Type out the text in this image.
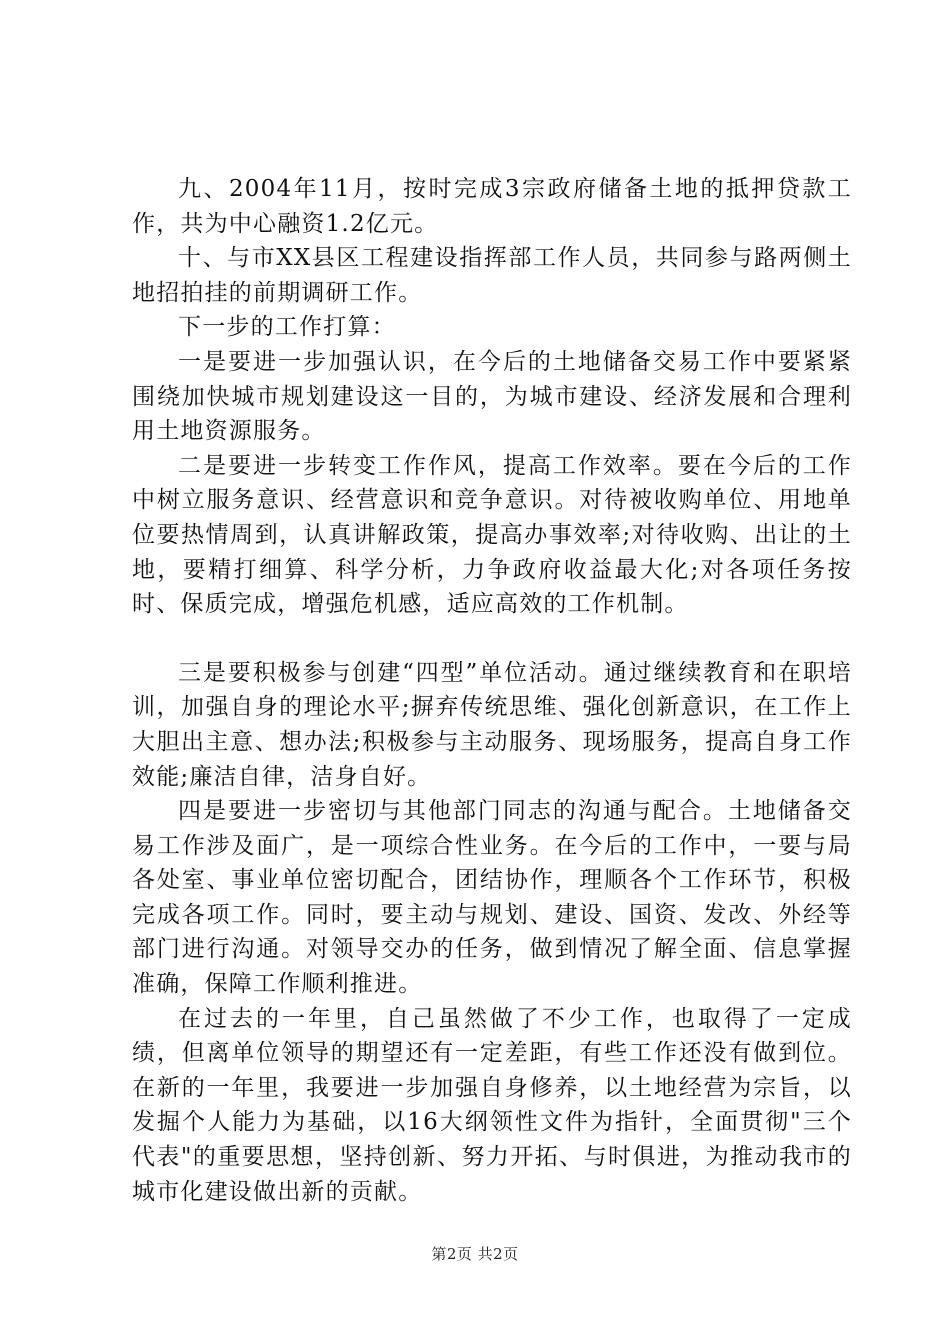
九、2004年11月，按时完成3宗政府储备土地的抵押贷款工作，共为中心融资1.2亿元。

十、与市XX县区工程建设指挥部工作人员，共同参与路两侧土地招拍挂的前期调研工作。

下一步的工作打算：

一是要进一步加强认识，在今后的土地储备交易工作中要紧紧围绕加快城市规划建设这一目的，为城市建设、经济发展和合理利用土地资源服务。

二是要进一步转变工作作风，提高工作效率。要在今后的工作中树立服务意识、经营意识和竞争意识。对待被收购单位、用地单位要热情周到，认真讲解政策，提高办事效率;对待收购、出让的土地，要精打细算、科学分析，力争政府收益最大化;对各项任务按时、保质完成，增强危机感，适应高效的工作机制。

三是要积极参与创建“四型”单位活动。通过继续教育和在职培训，加强自身的理论水平;摒弃传统思维、强化创新意识，在工作上大胆出主意、想办法;积极参与主动服务、现场服务，提高自身工作效能;廉洁自律，洁身自好。

四是要进一步密切与其他部门同志的沟通与配合。土地储备交易工作涉及面广，是一项综合性业务。在今后的工作中，一要与局各处室、事业单位密切配合，团结协作，理顺各个工作环节，积极完成各项工作。同时，要主动与规划、建设、国资、发改、外经等部门进行沟通。对领导交办的任务，做到情况了解全面、信息掌握准确，保障工作顺利推进。

在过去的一年里，自己虽然做了不少工作，也取得了一定成绩，但离单位领导的期望还有一定差距，有些工作还没有做到位。在新的一年里，我要进一步加强自身修养，以土地经营为宗旨，以发掘个人能力为基础，以16大纲领性文件为指针，全面贯彻"三个代表"的重要思想，坚持创新、努力开拓、与时俱进，为推动我市的城市化建设做出新的贡献。

第2页 共2页
